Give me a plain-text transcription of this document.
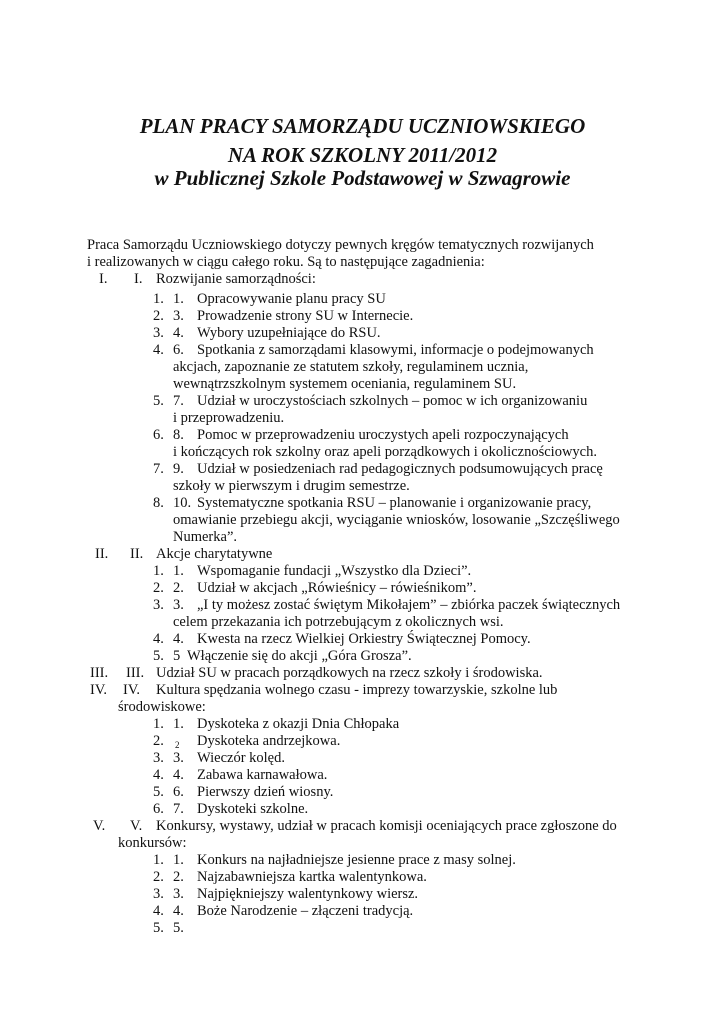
PLAN PRACY SAMORZĄDU UCZNIOWSKIEGO
NA ROK SZKOLNY 2011/2012
w Publicznej Szkole Podstawowej w Szwagrowie
Praca Samorządu Uczniowskiego dotyczy pewnych kręgów tematycznych rozwijanych
i realizowanych w ciągu całego roku. Są to następujące zagadnienia:
I. I. Rozwijanie samorządności:
1. 1. Opracowywanie planu pracy SU
2. 3. Prowadzenie strony SU w Internecie.
3. 4. Wybory uzupełniające do RSU.
4. 6. Spotkania z samorządami klasowymi, informacje o podejmowanych
akcjach, zapoznanie ze statutem szkoły, regulaminem ucznia,
wewnątrzszkolnym systemem oceniania, regulaminem SU.
5. 7. Udział w uroczystościach szkolnych – pomoc w ich organizowaniu
i przeprowadzeniu.
6. 8. Pomoc w przeprowadzeniu uroczystych apeli rozpoczynających
i kończących rok szkolny oraz apeli porządkowych i okolicznościowych.
7. 9. Udział w posiedzeniach rad pedagogicznych podsumowujących pracę
szkoły w pierwszym i drugim semestrze.
8. 10. Systematyczne spotkania RSU – planowanie i organizowanie pracy,
omawianie przebiegu akcji, wyciąganie wniosków, losowanie „Szczęśliwego
Numerka”.
II. II. Akcje charytatywne
1. 1. Wspomaganie fundacji „Wszystko dla Dzieci”.
2. 2. Udział w akcjach „Rówieśnicy – rówieśnikom”.
3. 3. „I ty możesz zostać świętym Mikołajem” – zbiórka paczek świątecznych
celem przekazania ich potrzebującym z okolicznych wsi.
4. 4. Kwesta na rzecz Wielkiej Orkiestry Świątecznej Pomocy.
5. 5 Włączenie się do akcji „Góra Grosza”.
III. III. Udział SU w pracach porządkowych na rzecz szkoły i środowiska.
IV. IV. Kultura spędzania wolnego czasu - imprezy towarzyskie, szkolne lub
środowiskowe:
1. 1. Dyskoteka z okazji Dnia Chłopaka
2. 2 Dyskoteka andrzejkowa.
3. 3. Wieczór kolęd.
4. 4. Zabawa karnawałowa.
5. 6. Pierwszy dzień wiosny.
6. 7. Dyskoteki szkolne.
V. V. Konkursy, wystawy, udział w pracach komisji oceniających prace zgłoszone do
konkursów:
1. 1. Konkurs na najładniejsze jesienne prace z masy solnej.
2. 2. Najzabawniejsza kartka walentynkowa.
3. 3. Najpiękniejszy walentynkowy wiersz.
4. 4. Boże Narodzenie – złączeni tradycją.
5. 5.
